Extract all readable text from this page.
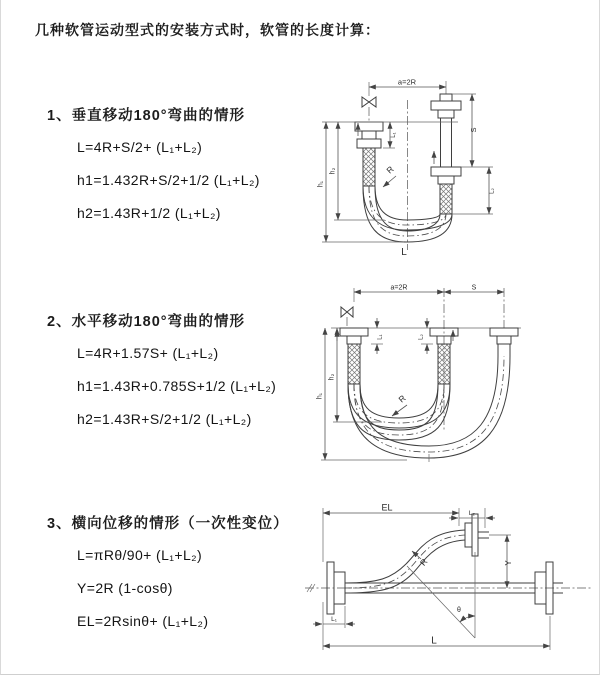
几种软管运动型式的安装方式时，软管的长度计算：

1、垂直移动180°弯曲的情形

L=4R+S/2+ (L₁+L₂)

h1=1.432R+S/2+1/2 (L₁+L₂)

h2=1.43R+1/2 (L₁+L₂)

2、水平移动180°弯曲的情形

L=4R+1.57S+ (L₁+L₂)

h1=1.43R+0.785S+1/2 (L₁+L₂)

h2=1.43R+S/2+1/2 (L₁+L₂)

3、横向位移的情形（一次性变位）

L=πRθ/90+ (L₁+L₂)

Y=2R (1-cosθ)

EL=2Rsinθ+ (L₁+L₂)

a=2R
h₁
h₂
L₁
S
L₂
R
L
a=2R	S
L₁	L₂
h₁
h₂
R
EL
L₂
Y
θ
R
L₁
L
